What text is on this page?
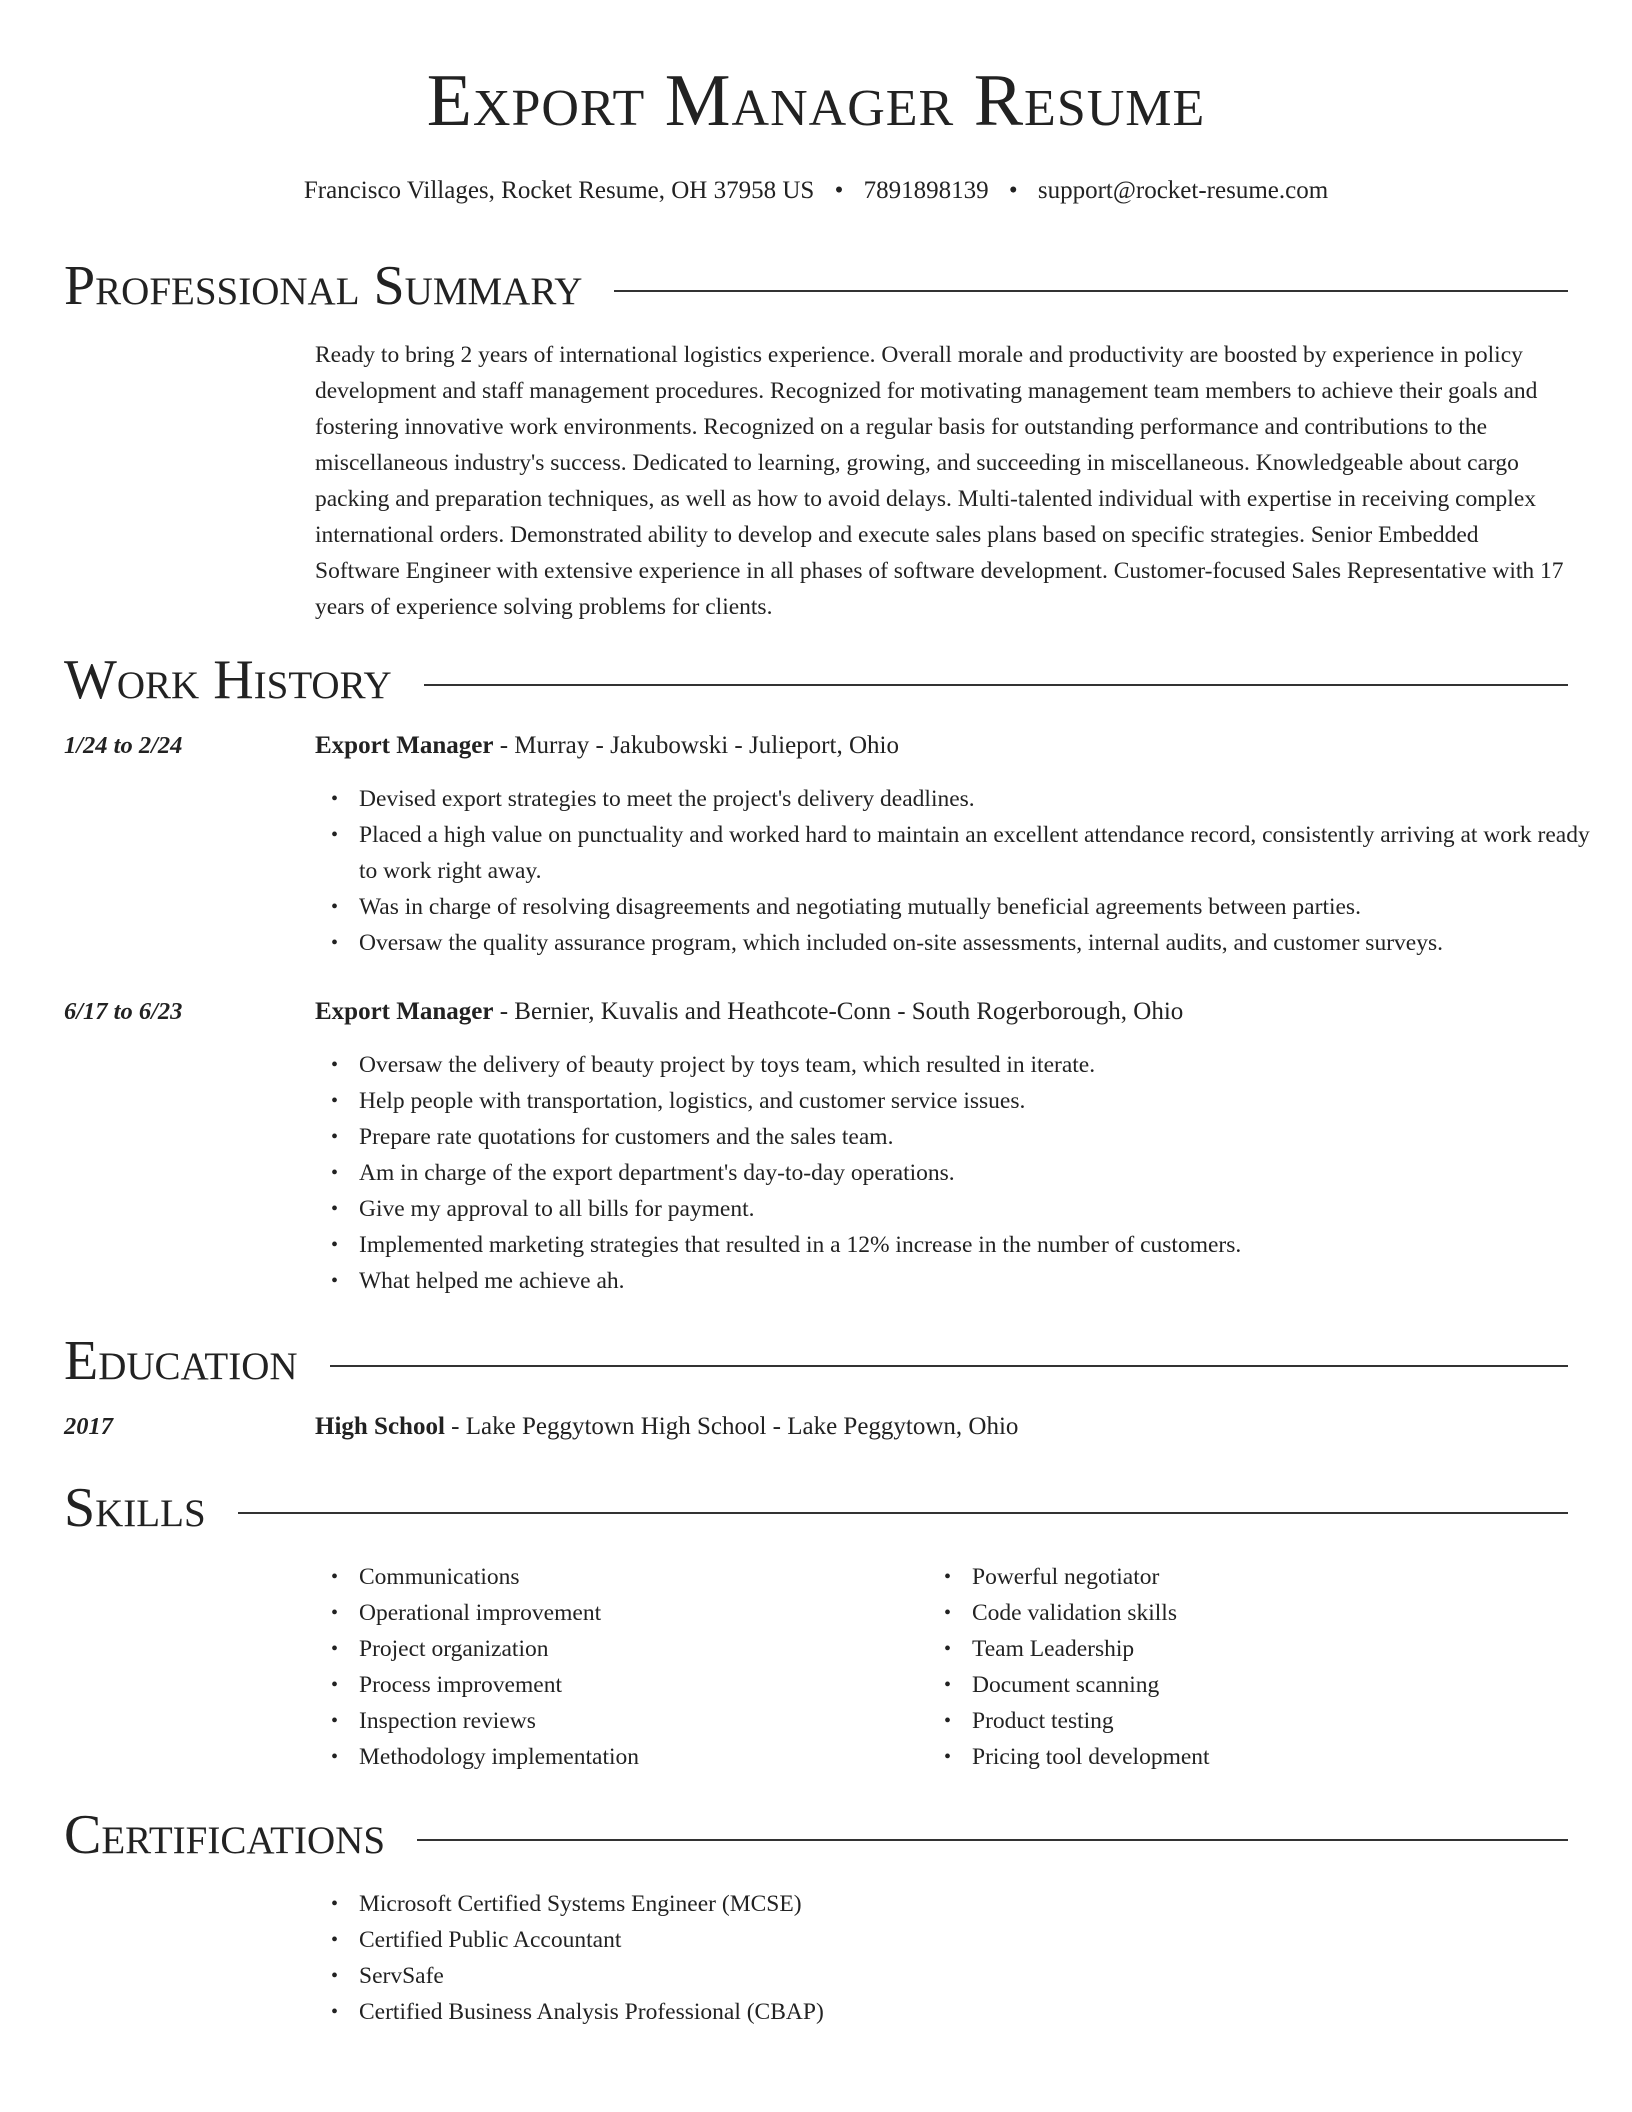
Export Manager Resume
Francisco Villages, Rocket Resume, OH 37958 US • 7891898139 • support@rocket-resume.com
Professional Summary
Ready to bring 2 years of international logistics experience. Overall morale and productivity are boosted by experience in policy development and staff management procedures. Recognized for motivating management team members to achieve their goals and fostering innovative work environments. Recognized on a regular basis for outstanding performance and contributions to the miscellaneous industry's success. Dedicated to learning, growing, and succeeding in miscellaneous. Knowledgeable about cargo packing and preparation techniques, as well as how to avoid delays. Multi-talented individual with expertise in receiving complex international orders. Demonstrated ability to develop and execute sales plans based on specific strategies. Senior Embedded Software Engineer with extensive experience in all phases of software development. Customer-focused Sales Representative with 17 years of experience solving problems for clients.
Work History
1/24 to 2/24	Export Manager - Murray - Jakubowski - Julieport, Ohio
• Devised export strategies to meet the project's delivery deadlines.
• Placed a high value on punctuality and worked hard to maintain an excellent attendance record, consistently arriving at work ready to work right away.
• Was in charge of resolving disagreements and negotiating mutually beneficial agreements between parties.
• Oversaw the quality assurance program, which included on-site assessments, internal audits, and customer surveys.
6/17 to 6/23	Export Manager - Bernier, Kuvalis and Heathcote-Conn - South Rogerborough, Ohio
• Oversaw the delivery of beauty project by toys team, which resulted in iterate.
• Help people with transportation, logistics, and customer service issues.
• Prepare rate quotations for customers and the sales team.
• Am in charge of the export department's day-to-day operations.
• Give my approval to all bills for payment.
• Implemented marketing strategies that resulted in a 12% increase in the number of customers.
• What helped me achieve ah.
Education
2017	High School - Lake Peggytown High School - Lake Peggytown, Ohio
Skills
• Communications
• Operational improvement
• Project organization
• Process improvement
• Inspection reviews
• Methodology implementation
• Powerful negotiator
• Code validation skills
• Team Leadership
• Document scanning
• Product testing
• Pricing tool development
Certifications
• Microsoft Certified Systems Engineer (MCSE)
• Certified Public Accountant
• ServSafe
• Certified Business Analysis Professional (CBAP)
